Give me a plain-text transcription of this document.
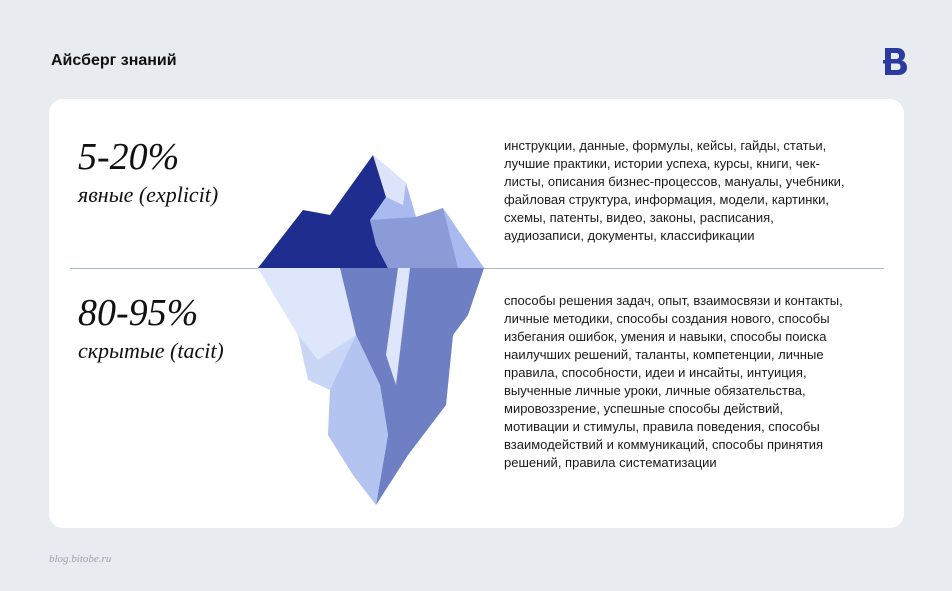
Айсберг знаний
5-20%
явные (explicit)
80-95%
скрытые (tacit)
инструкции, данные, формулы, кейсы, гайды, статьи,
лучшие практики, истории успеха, курсы, книги, чек-
листы, описания бизнес-процессов, мануалы, учебники,
файловая структура, информация, модели, картинки,
схемы, патенты, видео, законы, расписания,
аудиозаписи, документы, классификации
способы решения задач, опыт, взаимосвязи и контакты,
личные методики, способы создания нового, способы
избегания ошибок, умения и навыки, способы поиска
наилучших решений, таланты, компетенции, личные
правила, способности, идеи и инсайты, интуиция,
выученные личные уроки, личные обязательства,
мировоззрение, успешные способы действий,
мотивации и стимулы, правила поведения, способы
взаимодействий и коммуникаций, способы принятия
решений, правила систематизации
blog.bitobe.ru
